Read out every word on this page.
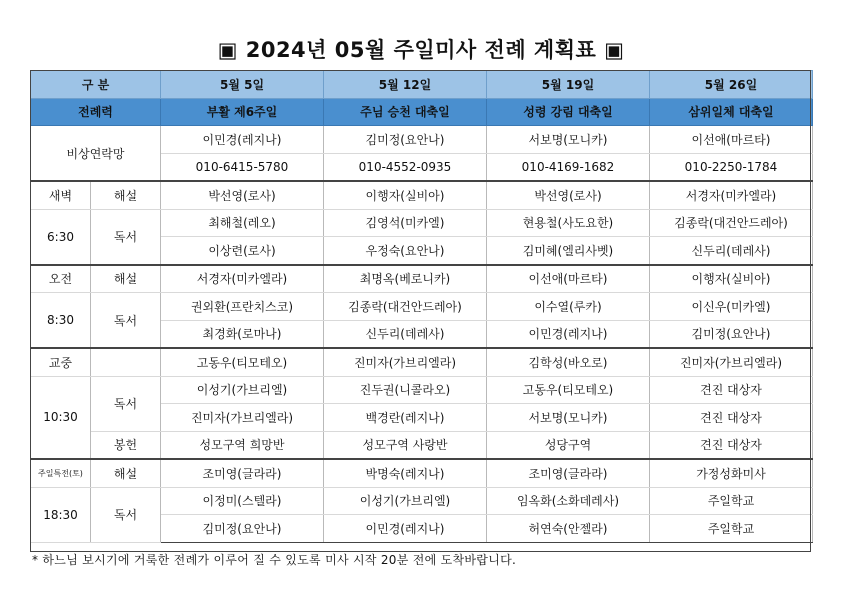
▣ 2024년 05월 주일미사 전례 계획표 ▣
구 분		5월 5일	5월 12일	5월 19일	5월 26일
전례력		부활 제6주일	주님 승천 대축일	성령 강림 대축일	삼위일체 대축일
비상연락망		이민경(레지나)	김미정(요안나)	서보명(모니카)	이선애(마르타)
		010-6415-5780	010-4552-0935	010-4169-1682	010-2250-1784
새벽	해설	박선영(로사)	이행자(실비아)	박선영(로사)	서경자(미카엘라)
6:30	독서	최해철(레오)	김영석(미카엘)	현용철(사도요한)	김종락(대건안드레아)
		이상련(로사)	우정숙(요안나)	김미혜(엘리사벳)	신두리(데레사)
오전	해설	서경자(미카엘라)	최명옥(베로니카)	이선애(마르타)	이행자(실비아)
8:30	독서	권외환(프란치스코)	김종락(대건안드레아)	이수열(루카)	이신우(미카엘)
		최경화(로마나)	신두리(데레사)	이민경(레지나)	김미정(요안나)
교중		고동우(티모테오)	진미자(가브리엘라)	김학성(바오로)	진미자(가브리엘라)
10:30	독서	이성기(가브리엘)	진두권(니콜라오)	고동우(티모테오)	견진 대상자
		진미자(가브리엘라)	백경란(레지나)	서보명(모니카)	견진 대상자
	봉헌	성모구역 희망반	성모구역 사랑반	성당구역	견진 대상자
주일특전(토)	해설	조미영(글라라)	박명숙(레지나)	조미영(글라라)	가정성화미사
18:30	독서	이정미(스텔라)	이성기(가브리엘)	임옥화(소화데레사)	주일학교
		김미정(요안나)	이민경(레지나)	허연숙(안젤라)	주일학교
* 하느님 보시기에 거룩한 전례가 이루어 질 수 있도록 미사 시작 20분 전에 도착바랍니다.
